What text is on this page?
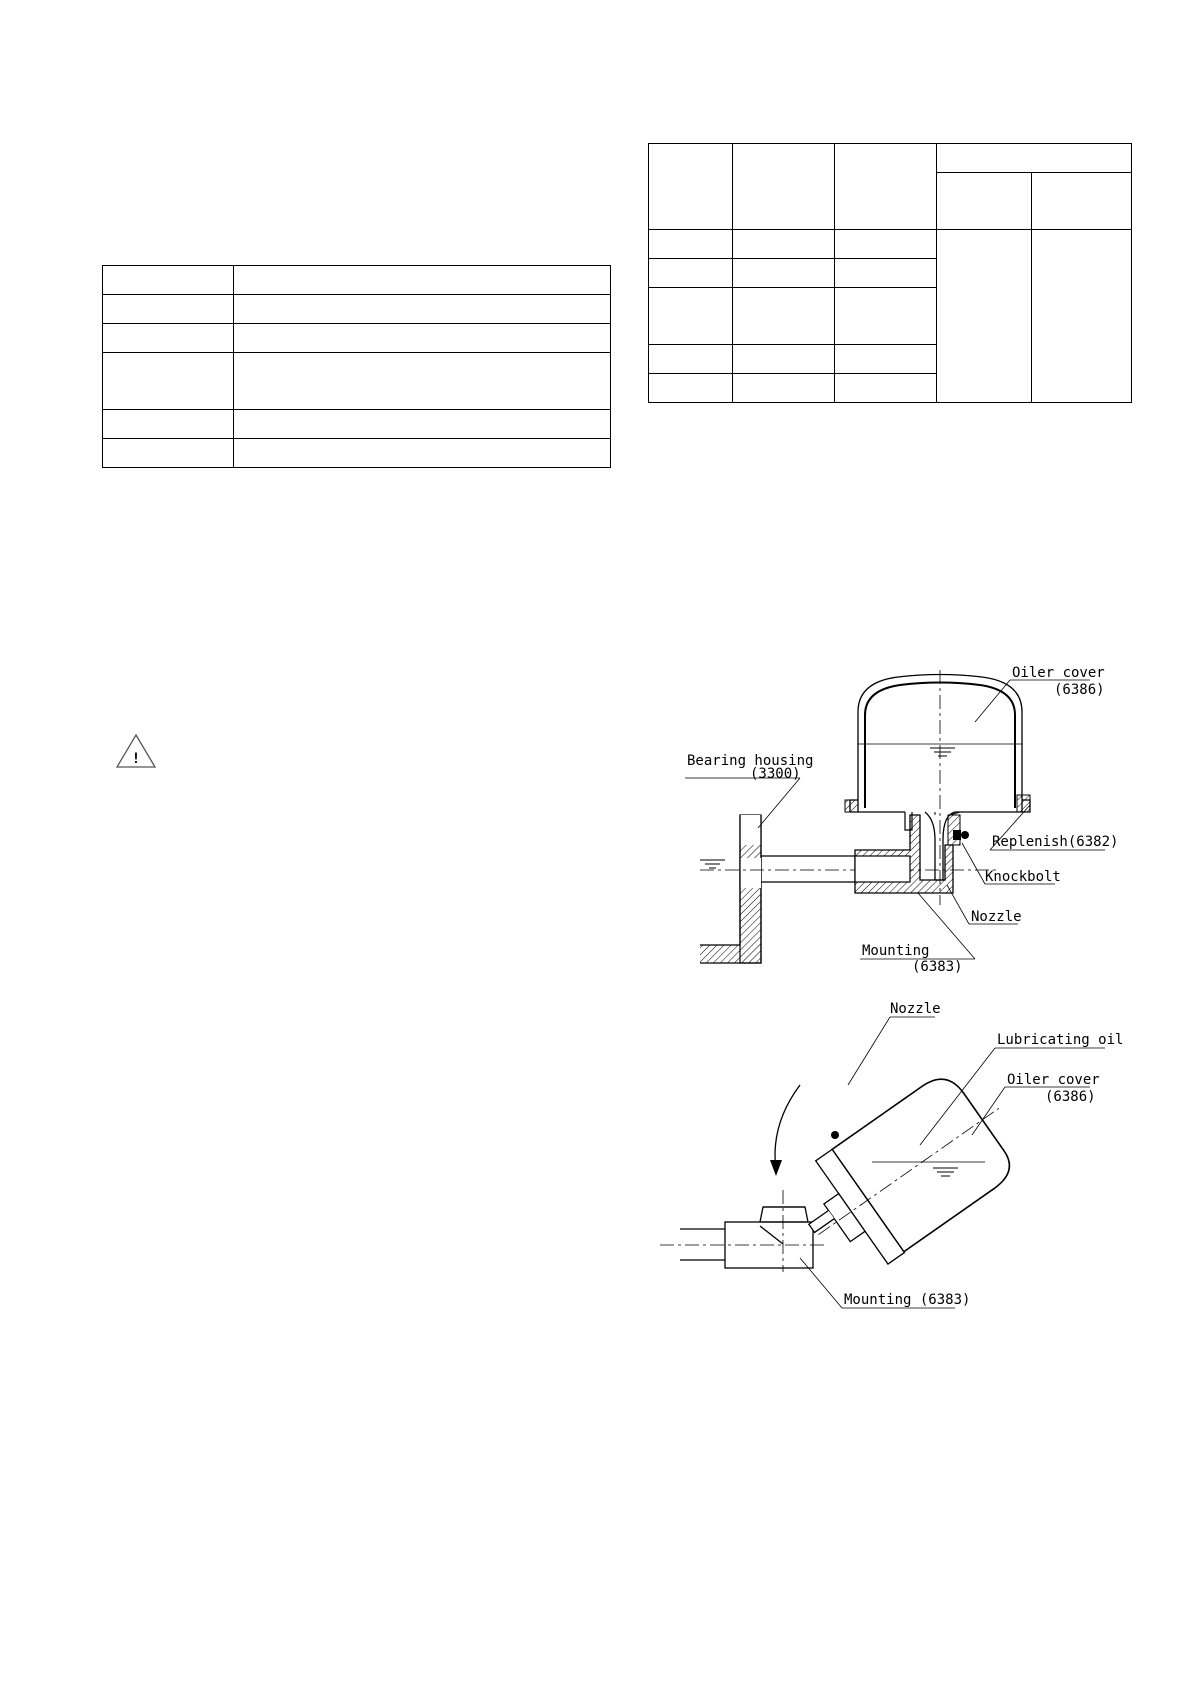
!
Oiler cover
(6386)
Bearing housing
(3300)
Replenish(6382)
Knockbolt
Nozzle
Mounting
(6383)
Nozzle
Lubricating oil
Oiler cover
(6386)
Mounting (6383)
